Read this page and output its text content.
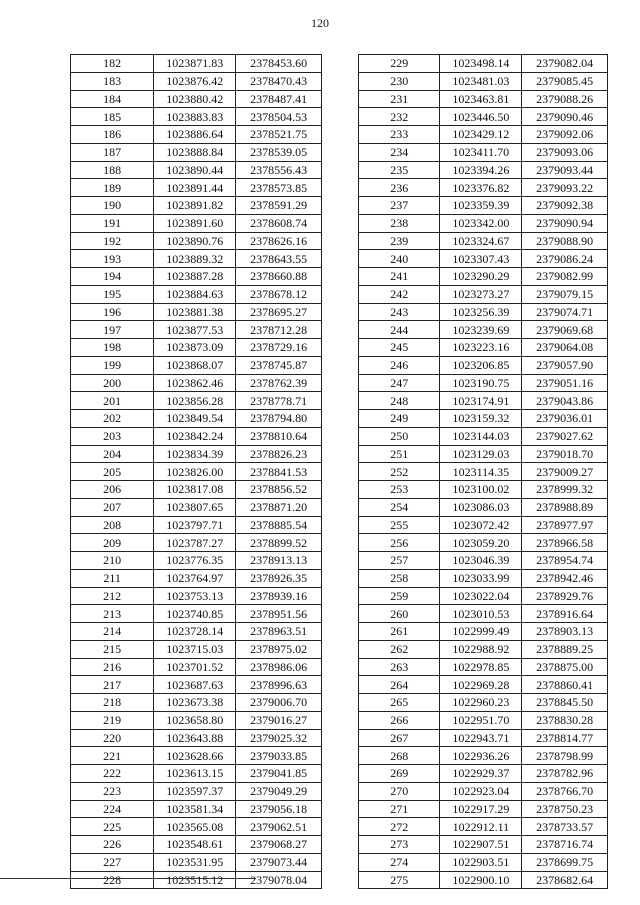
120
182	1023871.83	2378453.60
183	1023876.42	2378470.43
184	1023880.42	2378487.41
185	1023883.83	2378504.53
186	1023886.64	2378521.75
187	1023888.84	2378539.05
188	1023890.44	2378556.43
189	1023891.44	2378573.85
190	1023891.82	2378591.29
191	1023891.60	2378608.74
192	1023890.76	2378626.16
193	1023889.32	2378643.55
194	1023887.28	2378660.88
195	1023884.63	2378678.12
196	1023881.38	2378695.27
197	1023877.53	2378712.28
198	1023873.09	2378729.16
199	1023868.07	2378745.87
200	1023862.46	2378762.39
201	1023856.28	2378778.71
202	1023849.54	2378794.80
203	1023842.24	2378810.64
204	1023834.39	2378826.23
205	1023826.00	2378841.53
206	1023817.08	2378856.52
207	1023807.65	2378871.20
208	1023797.71	2378885.54
209	1023787.27	2378899.52
210	1023776.35	2378913.13
211	1023764.97	2378926.35
212	1023753.13	2378939.16
213	1023740.85	2378951.56
214	1023728.14	2378963.51
215	1023715.03	2378975.02
216	1023701.52	2378986.06
217	1023687.63	2378996.63
218	1023673.38	2379006.70
219	1023658.80	2379016.27
220	1023643.88	2379025.32
221	1023628.66	2379033.85
222	1023613.15	2379041.85
223	1023597.37	2379049.29
224	1023581.34	2379056.18
225	1023565.08	2379062.51
226	1023548.61	2379068.27
227	1023531.95	2379073.44
228	1023515.12	2379078.04
229	1023498.14	2379082.04
230	1023481.03	2379085.45
231	1023463.81	2379088.26
232	1023446.50	2379090.46
233	1023429.12	2379092.06
234	1023411.70	2379093.06
235	1023394.26	2379093.44
236	1023376.82	2379093.22
237	1023359.39	2379092.38
238	1023342.00	2379090.94
239	1023324.67	2379088.90
240	1023307.43	2379086.24
241	1023290.29	2379082.99
242	1023273.27	2379079.15
243	1023256.39	2379074.71
244	1023239.69	2379069.68
245	1023223.16	2379064.08
246	1023206.85	2379057.90
247	1023190.75	2379051.16
248	1023174.91	2379043.86
249	1023159.32	2379036.01
250	1023144.03	2379027.62
251	1023129.03	2379018.70
252	1023114.35	2379009.27
253	1023100.02	2378999.32
254	1023086.03	2378988.89
255	1023072.42	2378977.97
256	1023059.20	2378966.58
257	1023046.39	2378954.74
258	1023033.99	2378942.46
259	1023022.04	2378929.76
260	1023010.53	2378916.64
261	1022999.49	2378903.13
262	1022988.92	2378889.25
263	1022978.85	2378875.00
264	1022969.28	2378860.41
265	1022960.23	2378845.50
266	1022951.70	2378830.28
267	1022943.71	2378814.77
268	1022936.26	2378798.99
269	1022929.37	2378782.96
270	1022923.04	2378766.70
271	1022917.29	2378750.23
272	1022912.11	2378733.57
273	1022907.51	2378716.74
274	1022903.51	2378699.75
275	1022900.10	2378682.64
